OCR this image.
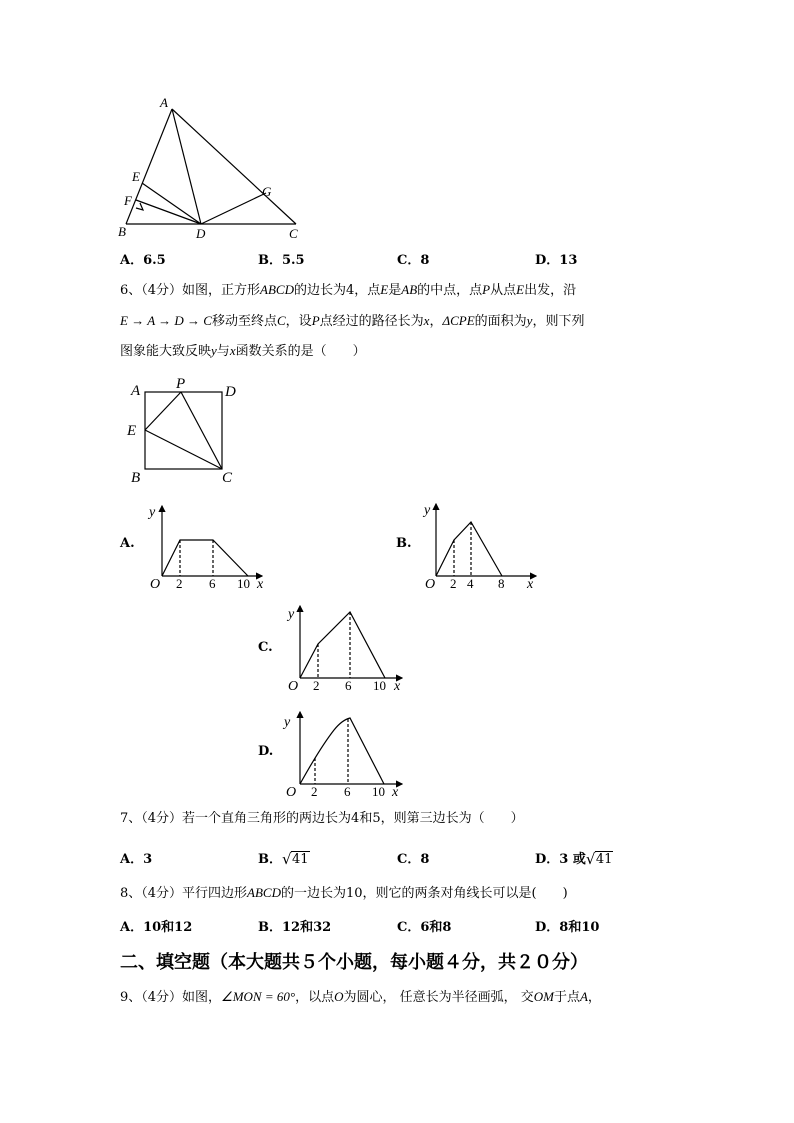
A
E
F
B	D	C
G
A．6.5	B．5.5	C．8	D．13
6、（4分）如图，正方形ABCD的边长为4，点E是AB的中点，点P从点E出发，沿
E → A → D → C移动至终点C，设P点经过的路径长为x，ΔCPE的面积为y，则下列
图象能大致反映y与x函数关系的是（　　）
A P	D
E
B	C
A.	B.
C.
D.
y
x
O 2 6 10
y
x
O 2 4 8
y
x
O 2 6 10
y
x
O 2 6 10
7、（4分）若一个直角三角形的两边长为4和5，则第三边长为（　　）
A．3	B． √ 41	C．8	D．3 或 √ 41
8、（4分）平行四边形ABCD的一边长为10，则它的两条对角线长可以是(　　)
A．10和12	B．12和32	C．6和8	D．8和10
二、填空题（本大题共５个小题，每小题４分，共２０分）
9、（4分）如图，∠MON = 60°，以点O为圆心， 任意长为半径画弧， 交OM于点A，
